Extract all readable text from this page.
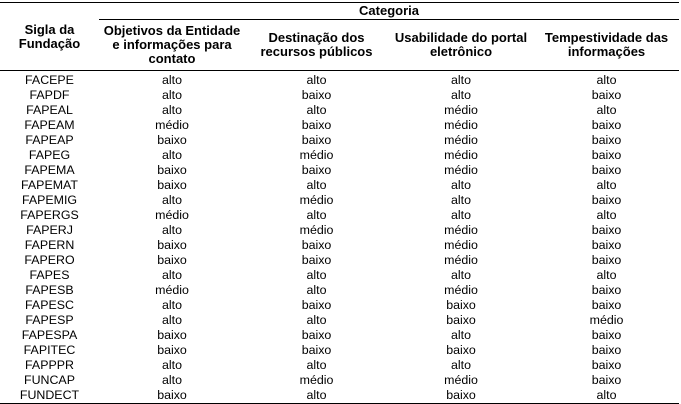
Sigla da Fundação	Categoria			
	Objetivos da Entidade e informações para contato	Destinação dos recursos públicos	Usabilidade do portal eletrônico	Tempestividade das informações
FACEPE	alto	alto	alto	alto
FAPDF	alto	baixo	alto	baixo
FAPEAL	alto	alto	médio	alto
FAPEAM	médio	baixo	médio	baixo
FAPEAP	baixo	baixo	médio	baixo
FAPEG	alto	médio	médio	baixo
FAPEMA	baixo	baixo	médio	baixo
FAPEMAT	baixo	alto	alto	alto
FAPEMIG	alto	médio	alto	baixo
FAPERGS	médio	alto	alto	alto
FAPERJ	alto	médio	médio	baixo
FAPERN	baixo	baixo	médio	baixo
FAPERO	baixo	baixo	médio	baixo
FAPES	alto	alto	alto	alto
FAPESB	médio	alto	médio	baixo
FAPESC	alto	baixo	baixo	baixo
FAPESP	alto	alto	baixo	médio
FAPESPA	baixo	baixo	alto	baixo
FAPITEC	baixo	baixo	baixo	baixo
FAPPPR	alto	alto	alto	baixo
FUNCAP	alto	médio	médio	baixo
FUNDECT	baixo	alto	baixo	alto
